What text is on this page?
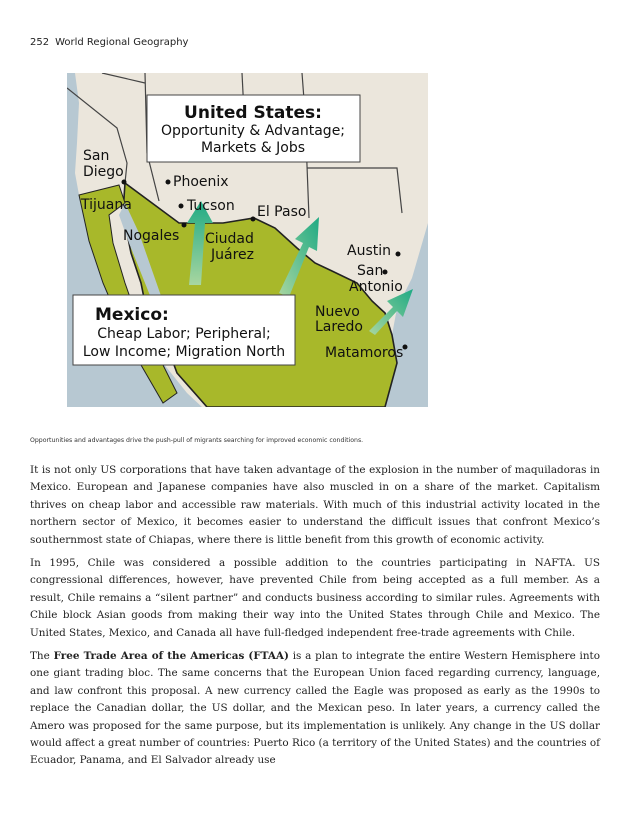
252 World Regional Geography
United States:
Opportunity & Advantage;
Markets & Jobs
Mexico:
Cheap Labor; Peripheral;
Low Income; Migration North
San
Diego
Phoenix
Tucson El Paso
Tijuana
Nogales Ciudad
Juárez	Austin
San
Antonio
Nuevo
Laredo
Matamoros
Opportunities and advantages drive the push-pull of migrants searching for improved economic conditions.

It is not only US corporations that have taken advantage of the explosion in the number of maquiladoras in Mexico. European and Japanese companies have also muscled in on a share of the market. Capitalism thrives on cheap labor and accessible raw materials. With much of this industrial activity located in the northern sector of Mexico, it becomes easier to understand the difficult issues that confront Mexico’s southernmost state of Chiapas, where there is little benefit from this growth of economic activity.

In 1995, Chile was considered a possible addition to the countries participating in NAFTA. US congressional differences, however, have prevented Chile from being accepted as a full member. As a result, Chile remains a “silent partner” and conducts business according to similar rules. Agreements with Chile block Asian goods from making their way into the United States through Chile and Mexico. The United States, Mexico, and Canada all have full-fledged independent free-trade agreements with Chile.

The Free Trade Area of the Americas (FTAA) is a plan to integrate the entire Western Hemisphere into one giant trading bloc. The same concerns that the European Union faced regarding currency, language, and law confront this proposal. A new currency called the Eagle was proposed as early as the 1990s to replace the Canadian dollar, the US dollar, and the Mexican peso. In later years, a currency called the Amero was proposed for the same purpose, but its implementation is unlikely. Any change in the US dollar would affect a great number of countries: Puerto Rico (a territory of the United States) and the countries of Ecuador, Panama, and El Salvador already use
